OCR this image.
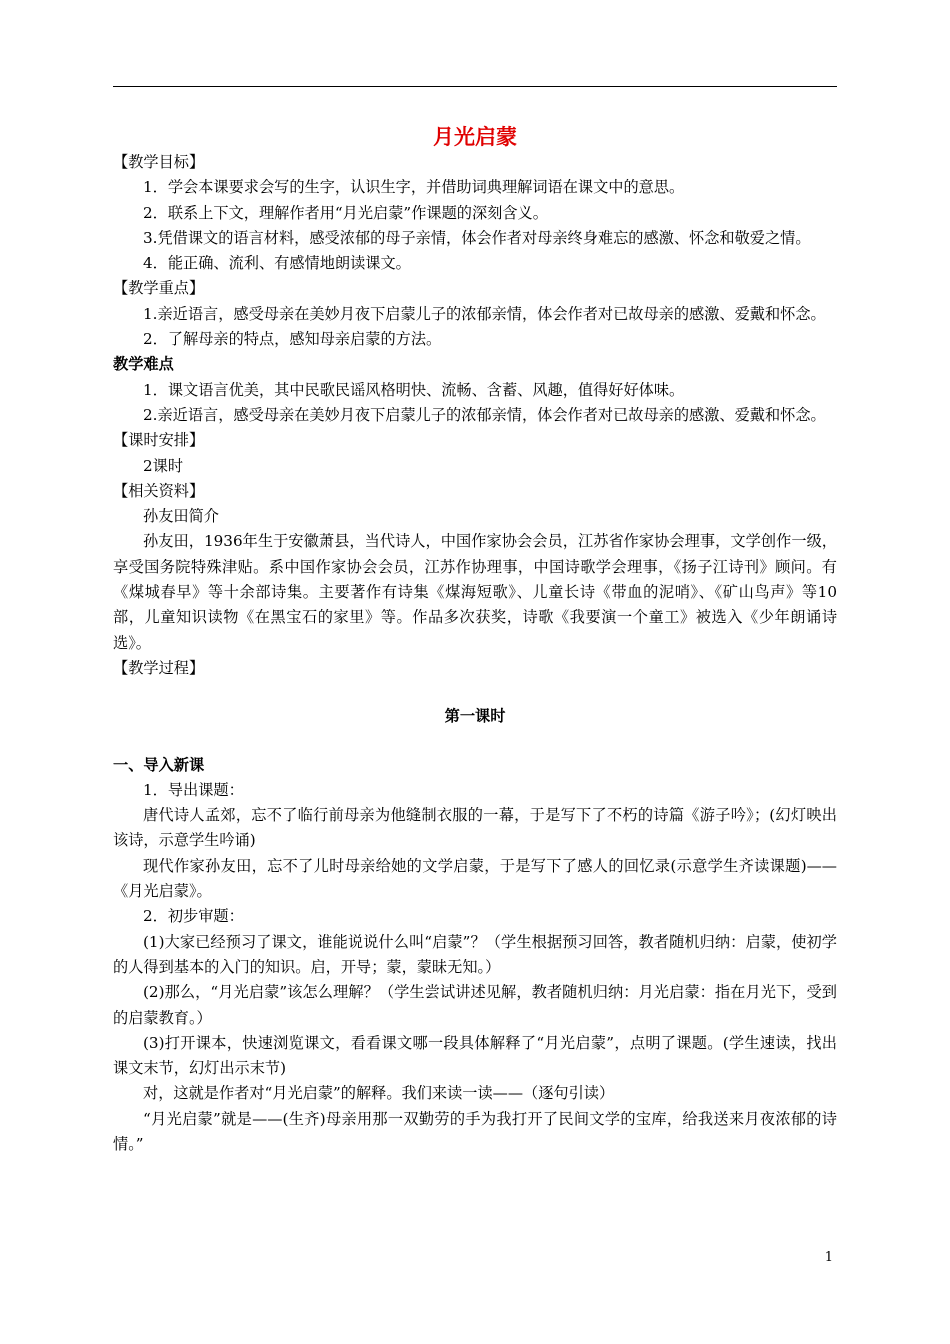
月光启蒙

【教学目标】

1．学会本课要求会写的生字，认识生字，并借助词典理解词语在课文中的意思。

2．联系上下文，理解作者用“月光启蒙”作课题的深刻含义。

3.凭借课文的语言材料，感受浓郁的母子亲情，体会作者对母亲终身难忘的感激、怀念和敬爱之情。

4．能正确、流利、有感情地朗读课文。

【教学重点】

1.亲近语言，感受母亲在美妙月夜下启蒙儿子的浓郁亲情，体会作者对已故母亲的感激、爱戴和怀念。

2．了解母亲的特点，感知母亲启蒙的方法。

教学难点

1．课文语言优美，其中民歌民谣风格明快、流畅、含蓄、风趣，值得好好体味。

2.亲近语言，感受母亲在美妙月夜下启蒙儿子的浓郁亲情，体会作者对已故母亲的感激、爱戴和怀念。

【课时安排】

2课时

【相关资料】

孙友田简介

孙友田，1936年生于安徽萧县，当代诗人，中国作家协会会员，江苏省作家协会理事，文学创作一级，享受国务院特殊津贴。系中国作家协会会员，江苏作协理事，中国诗歌学会理事，《扬子江诗刊》顾问。有《煤城春早》等十余部诗集。主要著作有诗集《煤海短歌》、儿童长诗《带血的泥哨》、《矿山鸟声》等10部，儿童知识读物《在黑宝石的家里》等。作品多次获奖，诗歌《我要演一个童工》被选入《少年朗诵诗选》。

【教学过程】

第一课时

一、导入新课

1．导出课题：

唐代诗人孟郊，忘不了临行前母亲为他缝制衣服的一幕，于是写下了不朽的诗篇《游子吟》；(幻灯映出该诗，示意学生吟诵)

现代作家孙友田，忘不了儿时母亲给她的文学启蒙，于是写下了感人的回忆录(示意学生齐读课题)——《月光启蒙》。

2．初步审题：

(1)大家已经预习了课文，谁能说说什么叫“启蒙”？（学生根据预习回答，教者随机归纳：启蒙，使初学的人得到基本的入门的知识。启，开导；蒙，蒙昧无知。）

(2)那么，“月光启蒙”该怎么理解？（学生尝试讲述见解，教者随机归纳：月光启蒙：指在月光下，受到的启蒙教育。）

(3)打开课本，快速浏览课文，看看课文哪一段具体解释了“月光启蒙”，点明了课题。(学生速读，找出课文末节，幻灯出示末节)

对，这就是作者对“月光启蒙”的解释。我们来读一读——（逐句引读）

“月光启蒙”就是——(生齐)母亲用那一双勤劳的手为我打开了民间文学的宝库，给我送来月夜浓郁的诗情。”

1
